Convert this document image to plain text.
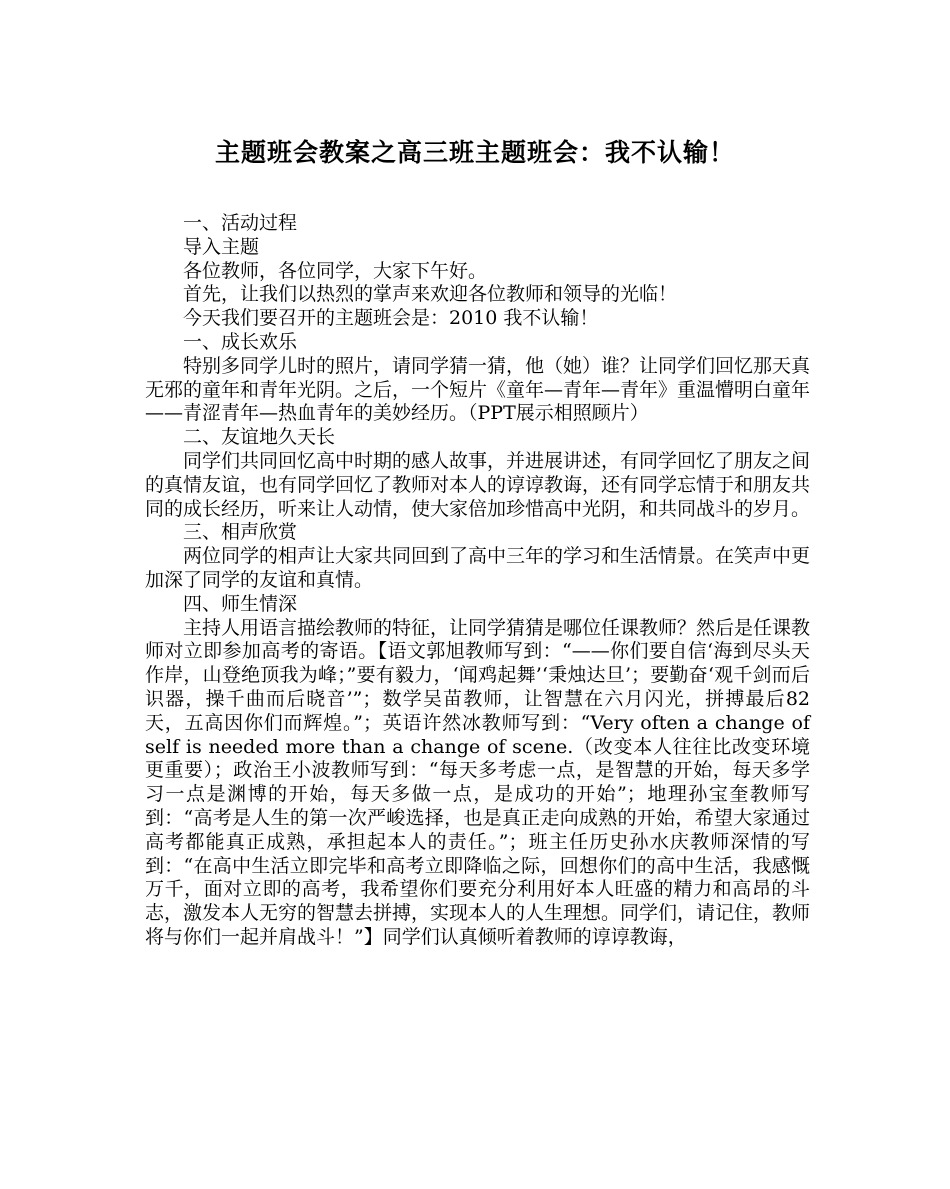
主题班会教案之高三班主题班会：我不认输！

一、活动过程

导入主题

各位教师，各位同学，大家下午好。

首先，让我们以热烈的掌声来欢迎各位教师和领导的光临！

今天我们要召开的主题班会是：2010 我不认输！

一、成长欢乐

特别多同学儿时的照片，请同学猜一猜，他（她）谁？让同学们回忆那天真无邪的童年和青年光阴。之后，一个短片《童年—青年—青年》重温懵明白童年——青涩青年—热血青年的美妙经历。（PPT展示相照顾片）

二、友谊地久天长

同学们共同回忆高中时期的感人故事，并进展讲述，有同学回忆了朋友之间的真情友谊，也有同学回忆了教师对本人的谆谆教诲，还有同学忘情于和朋友共同的成长经历，听来让人动情，使大家倍加珍惜高中光阴，和共同战斗的岁月。

三、相声欣赏

两位同学的相声让大家共同回到了高中三年的学习和生活情景。在笑声中更加深了同学的友谊和真情。

四、师生情深

主持人用语言描绘教师的特征，让同学猜猜是哪位任课教师？然后是任课教师对立即参加高考的寄语。【语文郭旭教师写到：“——你们要自信‘海到尽头天作岸，山登绝顶我为峰；”要有毅力，‘闻鸡起舞’‘秉烛达旦’；要勤奋‘观千剑而后识器，操千曲而后晓音’”；数学吴苗教师，让智慧在六月闪光，拼搏最后82天，五高因你们而辉煌。”；英语许然冰教师写到：“Very often a change of self is needed more than a change of scene.（改变本人往往比改变环境更重要）；政治王小波教师写到：“每天多考虑一点，是智慧的开始，每天多学习一点是渊博的开始，每天多做一点，是成功的开始”；地理孙宝奎教师写到：“高考是人生的第一次严峻选择，也是真正走向成熟的开始，希望大家通过高考都能真正成熟，承担起本人的责任。”；班主任历史孙水庆教师深情的写到：“在高中生活立即完毕和高考立即降临之际，回想你们的高中生活，我感慨万千，面对立即的高考，我希望你们要充分利用好本人旺盛的精力和高昂的斗志，激发本人无穷的智慧去拼搏，实现本人的人生理想。同学们，请记住，教师将与你们一起并肩战斗！”】同学们认真倾听着教师的谆谆教诲，
